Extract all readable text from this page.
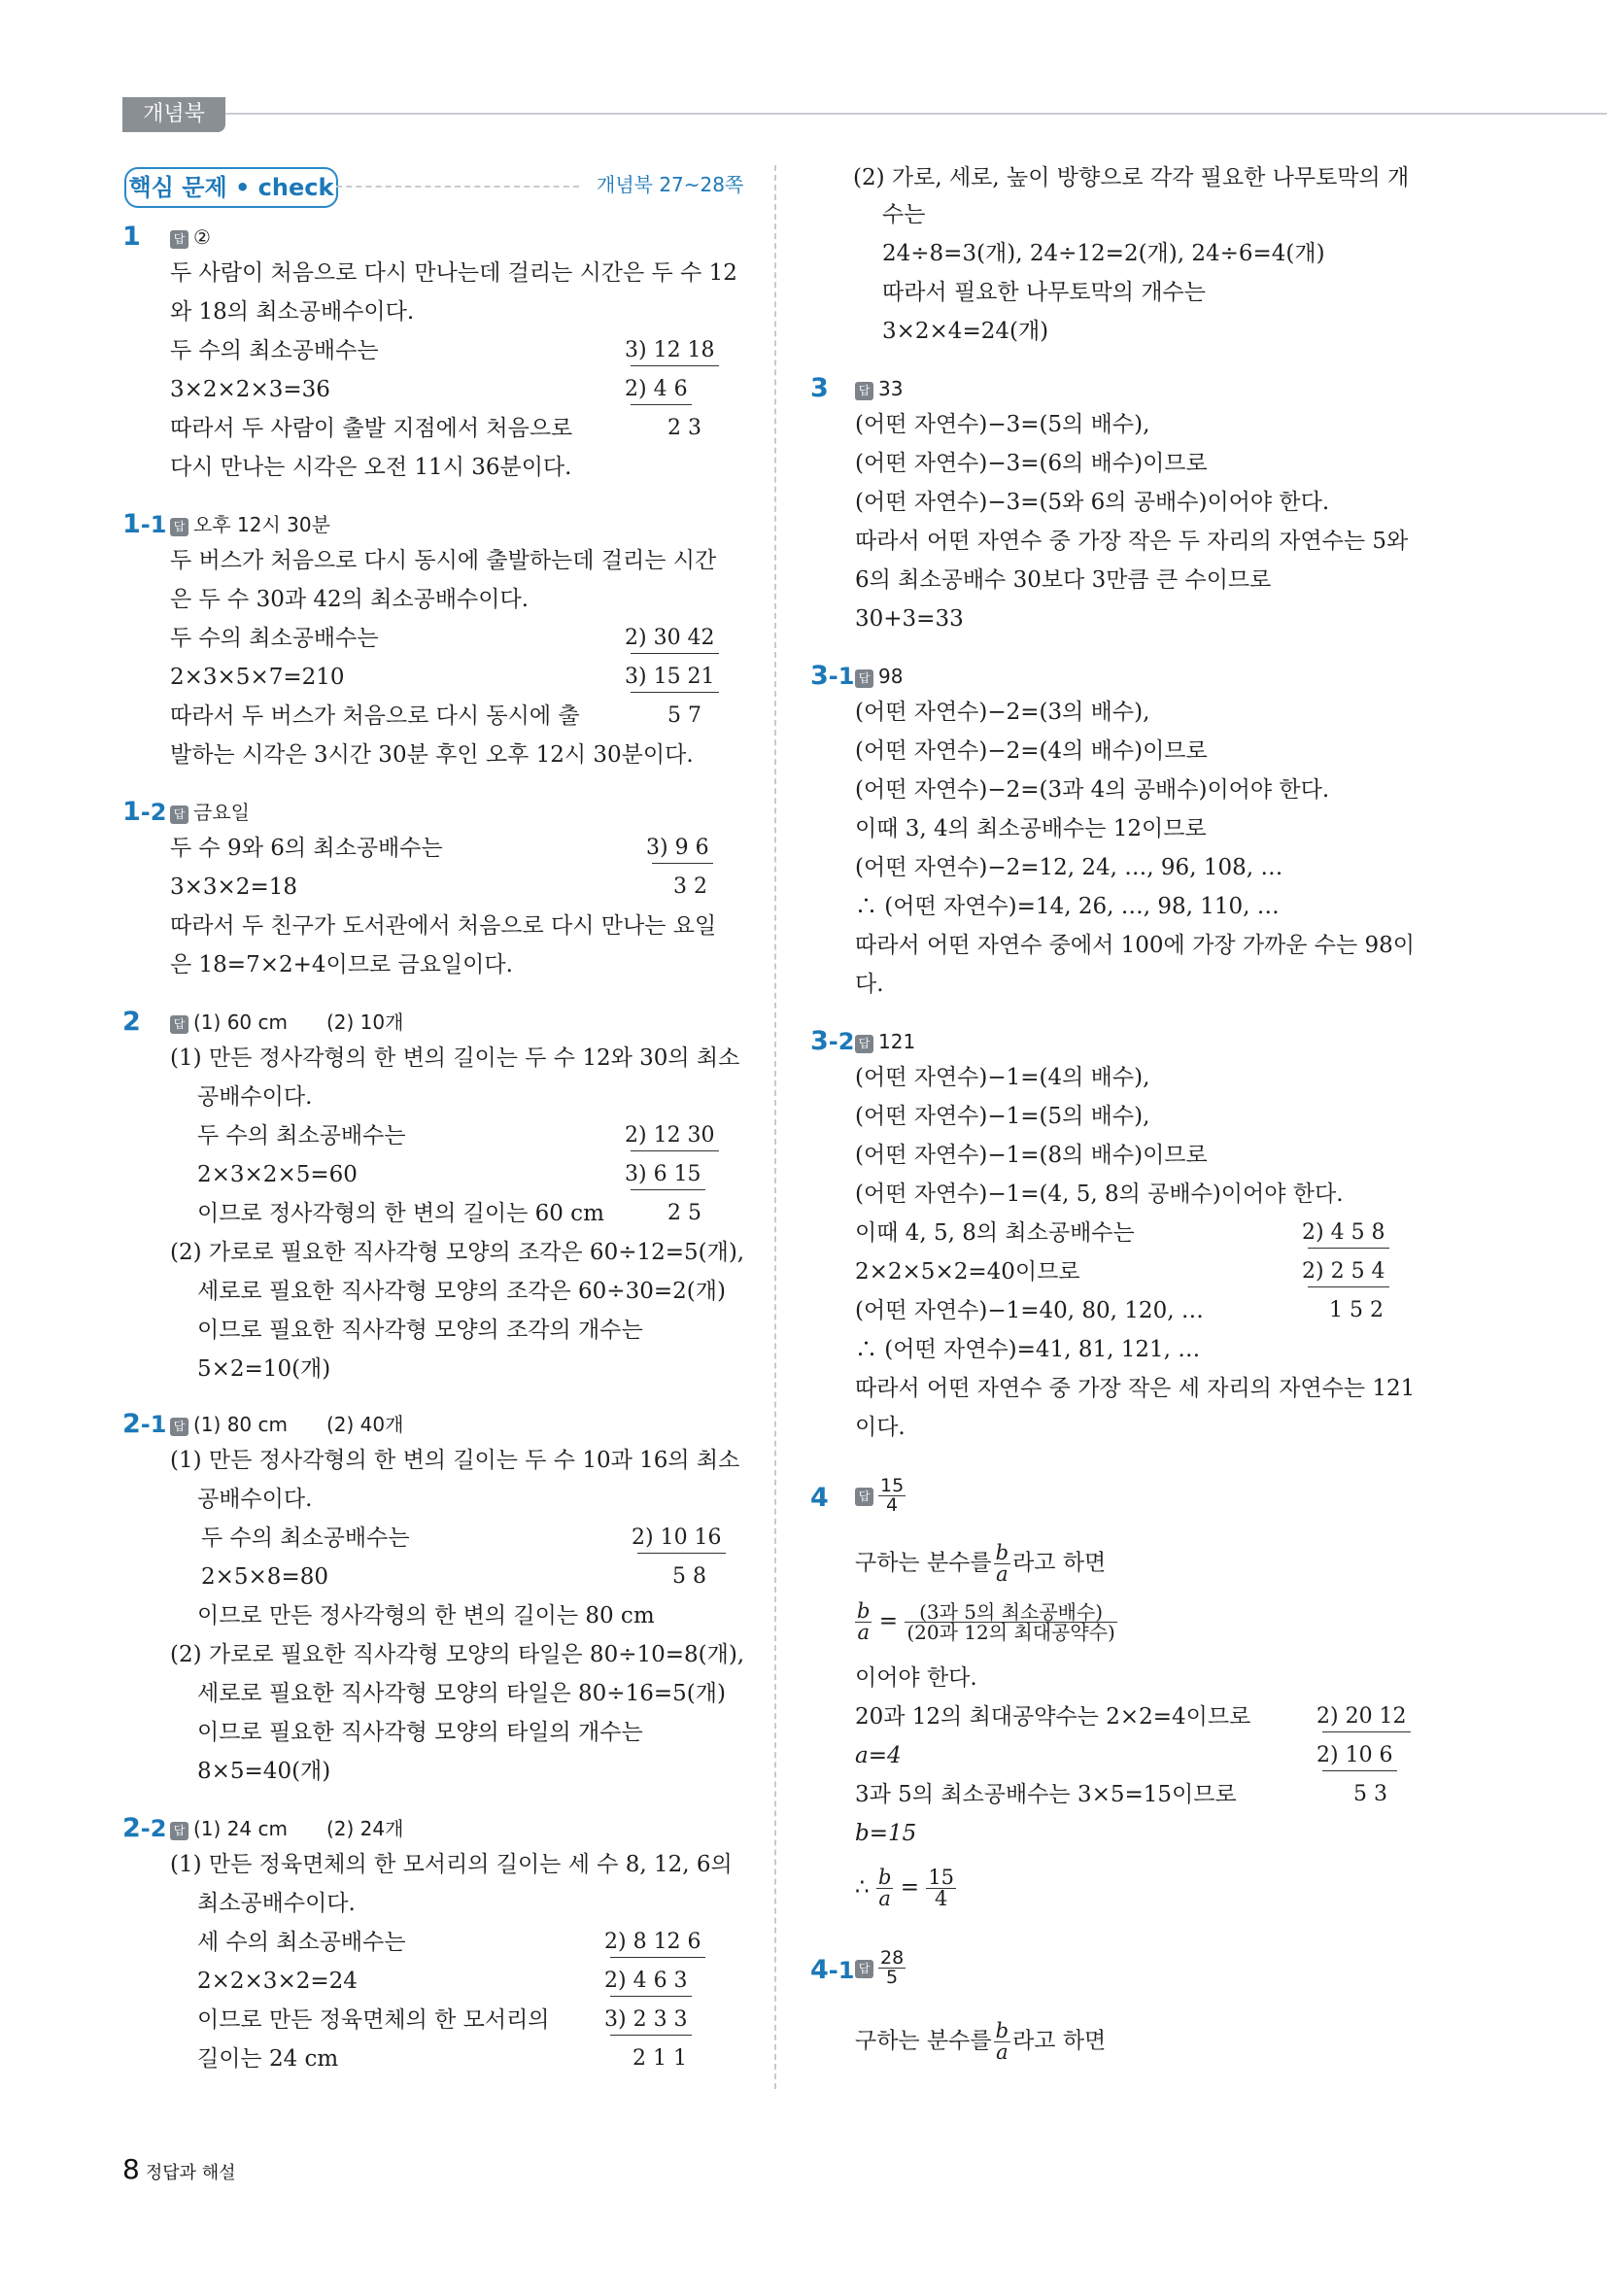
개념북
핵심 문제 • check	개념북 27~28쪽
1	답 ②
두 사람이 처음으로 다시 만나는데 걸리는 시간은 두 수 12
와 18의 최소공배수이다.
두 수의 최소공배수는
3×2×2×3=36
따라서 두 사람이 출발 지점에서 처음으로
다시 만나는 시각은 오전 11시 36분이다.
3) 12 18
2) 4 6
2 3
1-1 답 오후 12시 30분
두 버스가 처음으로 다시 동시에 출발하는데 걸리는 시간
은 두 수 30과 42의 최소공배수이다.
두 수의 최소공배수는
2×3×5×7=210
따라서 두 버스가 처음으로 다시 동시에 출
발하는 시각은 3시간 30분 후인 오후 12시 30분이다.
2) 30 42
3) 15 21
5 7
1-2 답 금요일
두 수 9와 6의 최소공배수는
3×3×2=18
따라서 두 친구가 도서관에서 처음으로 다시 만나는 요일
은 18=7×2+4이므로 금요일이다.
3) 9 6
3 2
2	답 (1) 60 cm (2) 10개
(1) 만든 정사각형의 한 변의 길이는 두 수 12와 30의 최소
공배수이다.
두 수의 최소공배수는
2×3×2×5=60
이므로 정사각형의 한 변의 길이는 60 cm
(2) 가로로 필요한 직사각형 모양의 조각은 60÷12=5(개),
세로로 필요한 직사각형 모양의 조각은 60÷30=2(개)
이므로 필요한 직사각형 모양의 조각의 개수는
5×2=10(개)
2) 12 30
3) 6 15
2 5
2-1 답 (1) 80 cm (2) 40개
(1) 만든 정사각형의 한 변의 길이는 두 수 10과 16의 최소
공배수이다.
두 수의 최소공배수는
2×5×8=80
이므로 만든 정사각형의 한 변의 길이는 80 cm
(2) 가로로 필요한 직사각형 모양의 타일은 80÷10=8(개),
세로로 필요한 직사각형 모양의 타일은 80÷16=5(개)
이므로 필요한 직사각형 모양의 타일의 개수는
8×5=40(개)
2) 10 16
5 8
2-2 답 (1) 24 cm (2) 24개
(1) 만든 정육면체의 한 모서리의 길이는 세 수 8, 12, 6의
최소공배수이다.
세 수의 최소공배수는
2×2×3×2=24
이므로 만든 정육면체의 한 모서리의
길이는 24 cm
2) 8 12 6
2) 4 6 3
3) 2 3 3
2 1 1
(2) 가로, 세로, 높이 방향으로 각각 필요한 나무토막의 개
수는
24÷8=3(개), 24÷12=2(개), 24÷6=4(개)
따라서 필요한 나무토막의 개수는
3×2×4=24(개)
3	답 33
(어떤 자연수)−3=(5의 배수),
(어떤 자연수)−3=(6의 배수)이므로
(어떤 자연수)−3=(5와 6의 공배수)이어야 한다.
따라서 어떤 자연수 중 가장 작은 두 자리의 자연수는 5와
6의 최소공배수 30보다 3만큼 큰 수이므로
30+3=33
3-1 답 98
(어떤 자연수)−2=(3의 배수),
(어떤 자연수)−2=(4의 배수)이므로
(어떤 자연수)−2=(3과 4의 공배수)이어야 한다.
이때 3, 4의 최소공배수는 12이므로
(어떤 자연수)−2=12, 24, …, 96, 108, …
∴ (어떤 자연수)=14, 26, …, 98, 110, …
따라서 어떤 자연수 중에서 100에 가장 가까운 수는 98이
다.
3-2 답 121
(어떤 자연수)−1=(4의 배수),
(어떤 자연수)−1=(5의 배수),
(어떤 자연수)−1=(8의 배수)이므로
(어떤 자연수)−1=(4, 5, 8의 공배수)이어야 한다.
이때 4, 5, 8의 최소공배수는
2×2×5×2=40이므로
(어떤 자연수)−1=40, 80, 120, …
∴ (어떤 자연수)=41, 81, 121, …
따라서 어떤 자연수 중 가장 작은 세 자리의 자연수는 121
이다.
2) 4 5 8
2) 2 5 4
1 5 2
4	답 $\frac{15}{4}$
구하는 분수를 $\frac{b}{a}$ 라고 하면
$\frac{b}{a} = \frac{\text{(3과 5의 최소공배수)}}{\text{(20과 12의 최대공약수)}}$
이어야 한다.
20과 12의 최대공약수는 2×2=4이므로
a=4
3과 5의 최소공배수는 3×5=15이므로
b=15
∴ $\frac{b}{a} = \frac{15}{4}$
2) 20 12
2) 10 6
5 3
4-1 답 $\frac{28}{5}$
구하는 분수를 $\frac{b}{a}$ 라고 하면
8 정답과 해설
